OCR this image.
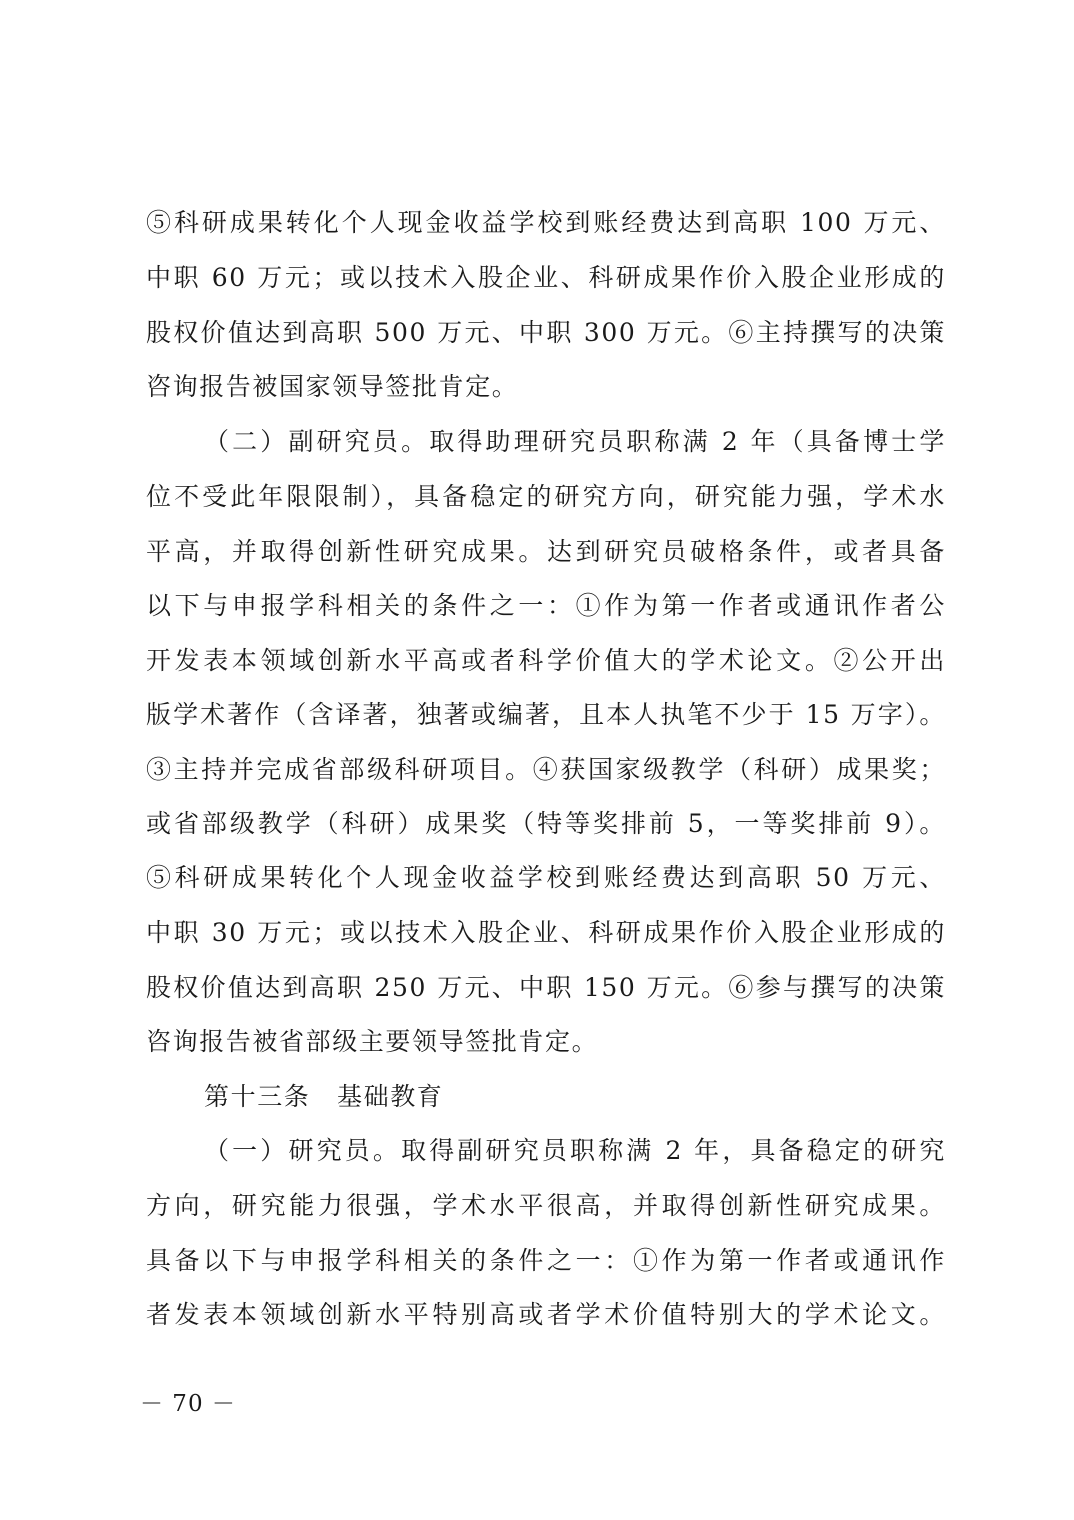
⑤科研成果转化个人现金收益学校到账经费达到高职 100 万元、
中职 60 万元；或以技术入股企业、科研成果作价入股企业形成的
股权价值达到高职 500 万元、中职 300 万元。⑥主持撰写的决策
咨询报告被国家领导签批肯定。
（二）副研究员。取得助理研究员职称满 2 年（具备博士学
位不受此年限限制），具备稳定的研究方向，研究能力强，学术水
平高，并取得创新性研究成果。达到研究员破格条件，或者具备
以下与申报学科相关的条件之一：①作为第一作者或通讯作者公
开发表本领域创新水平高或者科学价值大的学术论文。②公开出
版学术著作（含译著，独著或编著，且本人执笔不少于 15 万字）。
③主持并完成省部级科研项目。④获国家级教学（科研）成果奖；
或省部级教学（科研）成果奖（特等奖排前 5，一等奖排前 9）。
⑤科研成果转化个人现金收益学校到账经费达到高职 50 万元、
中职 30 万元；或以技术入股企业、科研成果作价入股企业形成的
股权价值达到高职 250 万元、中职 150 万元。⑥参与撰写的决策
咨询报告被省部级主要领导签批肯定。
第十三条　基础教育
（一）研究员。取得副研究员职称满 2 年，具备稳定的研究
方向，研究能力很强，学术水平很高，并取得创新性研究成果。
具备以下与申报学科相关的条件之一：①作为第一作者或通讯作
者发表本领域创新水平特别高或者学术价值特别大的学术论文。
－ 70 －
